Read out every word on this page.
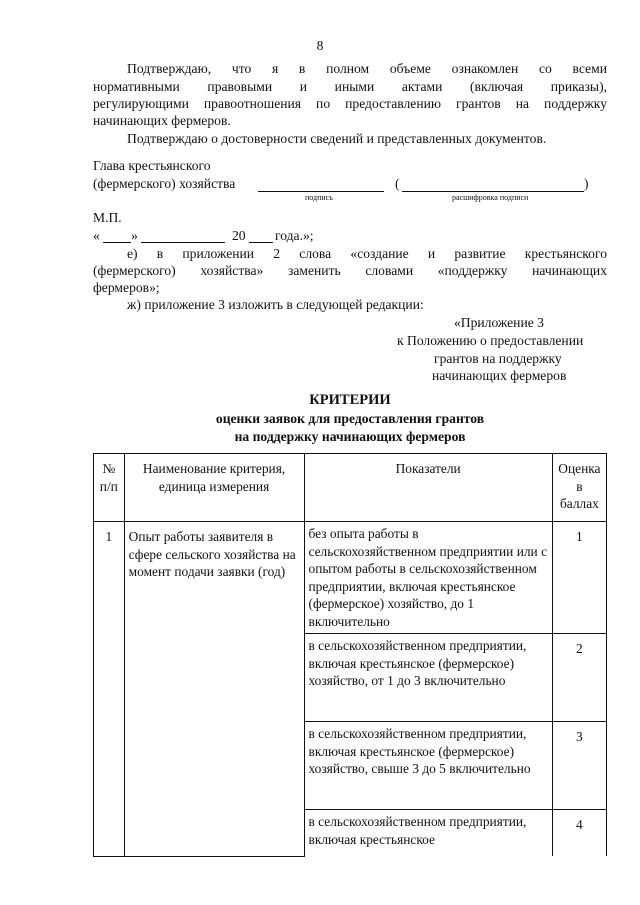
8
Подтверждаю, что я в полном объеме ознакомлен со всеми
нормативными правовыми и иными актами (включая приказы),
регулирующими правоотношения по предоставлению грантов на поддержку
начинающих фермеров.
Подтверждаю о достоверности сведений и представленных документов.
Глава крестьянского
(фермерского) хозяйства
подпись
(	)
расшифровка подписи
М.П.
« »	20 года.»;
е) в приложении 2 слова «создание и развитие крестьянского
(фермерского) хозяйства» заменить словами «поддержку начинающих
фермеров»;
ж) приложение 3 изложить в следующей редакции:
«Приложение 3
к Положению о предоставлении
грантов на поддержку
начинающих фермеров
КРИТЕРИИ
оценки заявок для предоставления грантов
на поддержку начинающих фермеров
№ п/п	Наименование критерия, единица измерения	Показатели	Оценка в баллах
1	Опыт работы заявителя в сфере сельского хозяйства на момент подачи заявки (год)	без опыта работы в сельскохозяйственном предприятии или с опытом работы в сельскохозяйственном предприятии, включая крестьянское (фермерское) хозяйство, до 1 включительно	1
		в сельскохозяйственном предприятии, включая крестьянское (фермерское) хозяйство, от 1 до 3 включительно	2
		в сельскохозяйственном предприятии, включая крестьянское (фермерское) хозяйство, свыше 3 до 5 включительно	3

		в сельскохозяйственном предприятии, включая крестьянское	4
